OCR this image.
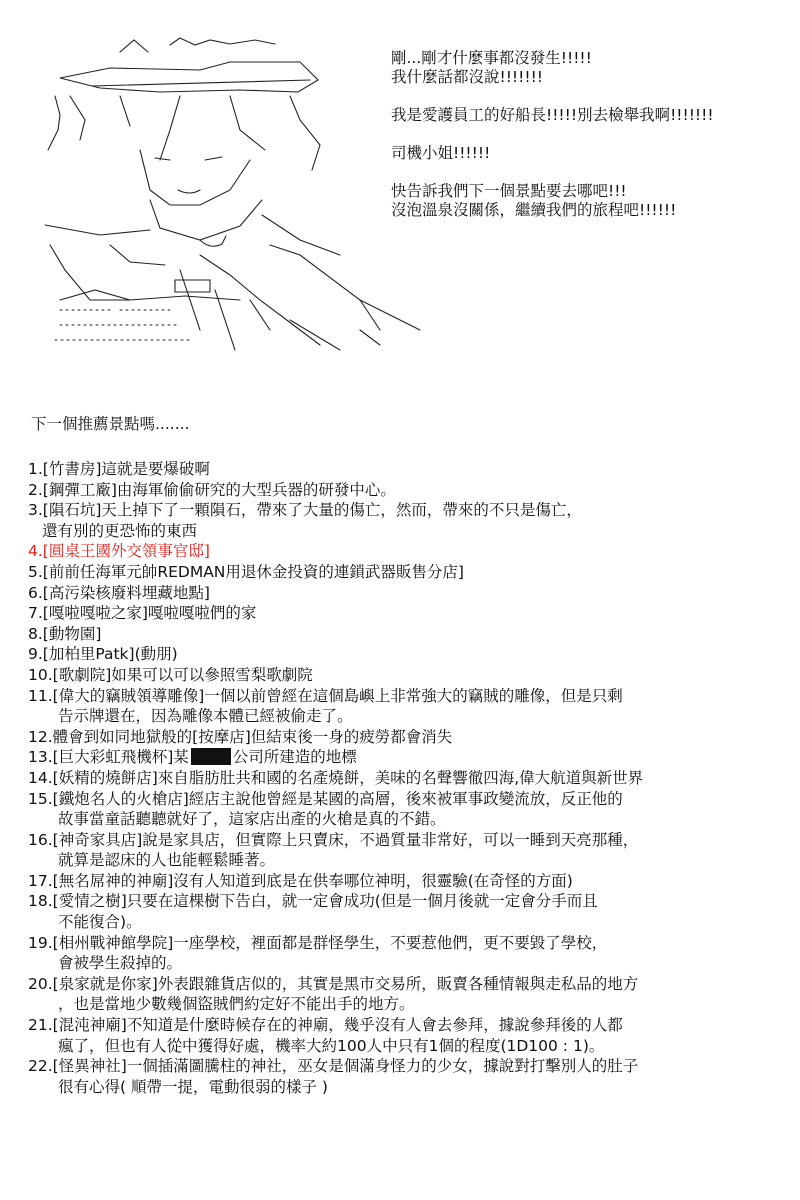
剛...剛才什麼事都沒發生!!!!!

我什麼話都沒說!!!!!!!

我是愛護員工的好船長!!!!!別去檢舉我啊!!!!!!!

司機小姐!!!!!!

快告訴我們下一個景點要去哪吧!!!

沒泡溫泉沒關係，繼續我們的旅程吧!!!!!!

下一個推薦景點嗎.......
1.[竹書房]這就是要爆破啊
2.[鋼彈工廠]由海軍偷偷研究的大型兵器的研發中心。
3.[隕石坑]天上掉下了一顆隕石，帶來了大量的傷亡，然而，帶來的不只是傷亡，
還有別的更恐怖的東西
4.[圓桌王國外交領事官邸]
5.[前前任海軍元帥REDMAN用退休金投資的連鎖武器販售分店]
6.[高污染核廢料埋藏地點]
7.[嘎啦嘎啦之家]嘎啦嘎啦們的家
8.[動物園]
9.[加柏里Patk](動朋)
10.[歌劇院]如果可以可以參照雪梨歌劇院
11.[偉大的竊賊領導雕像]一個以前曾經在這個島嶼上非常強大的竊賊的雕像，但是只剩
告示牌還在，因為雕像本體已經被偷走了。
12.體會到如同地獄般的[按摩店]但結束後一身的疲勞都會消失
13.[巨大彩虹飛機杯]某	公司所建造的地標
14.[妖精的燒餅店]來自脂肪肚共和國的名產燒餅，美味的名聲響徹四海,偉大航道與新世界
15.[鐵炮名人的火槍店]經店主說他曾經是某國的高層，後來被軍事政變流放，反正他的
故事當童話聽聽就好了，這家店出產的火槍是真的不錯。
16.[神奇家具店]說是家具店，但實際上只賣床，不過質量非常好，可以一睡到天亮那種，
就算是認床的人也能輕鬆睡著。
17.[無名屌神的神廟]沒有人知道到底是在供奉哪位神明，很靈驗(在奇怪的方面)
18.[愛情之樹]只要在這棵樹下告白，就一定會成功(但是一個月後就一定會分手而且
不能復合)。
19.[相州戰神館學院]一座學校，裡面都是群怪學生，不要惹他們，更不要毀了學校，
會被學生殺掉的。
20.[泉家就是你家]外表跟雜貨店似的，其實是黑市交易所，販賣各種情報與走私品的地方
，也是當地少數幾個盜賊們約定好不能出手的地方。
21.[混沌神廟]不知道是什麼時候存在的神廟，幾乎沒有人會去參拜，據說參拜後的人都
瘋了，但也有人從中獲得好處，機率大約100人中只有1個的程度(1D100 : 1)。
22.[怪異神社]一個插滿圖騰柱的神社，巫女是個滿身怪力的少女，據說對打擊別人的肚子
很有心得( 順帶一提，電動很弱的樣子 )
